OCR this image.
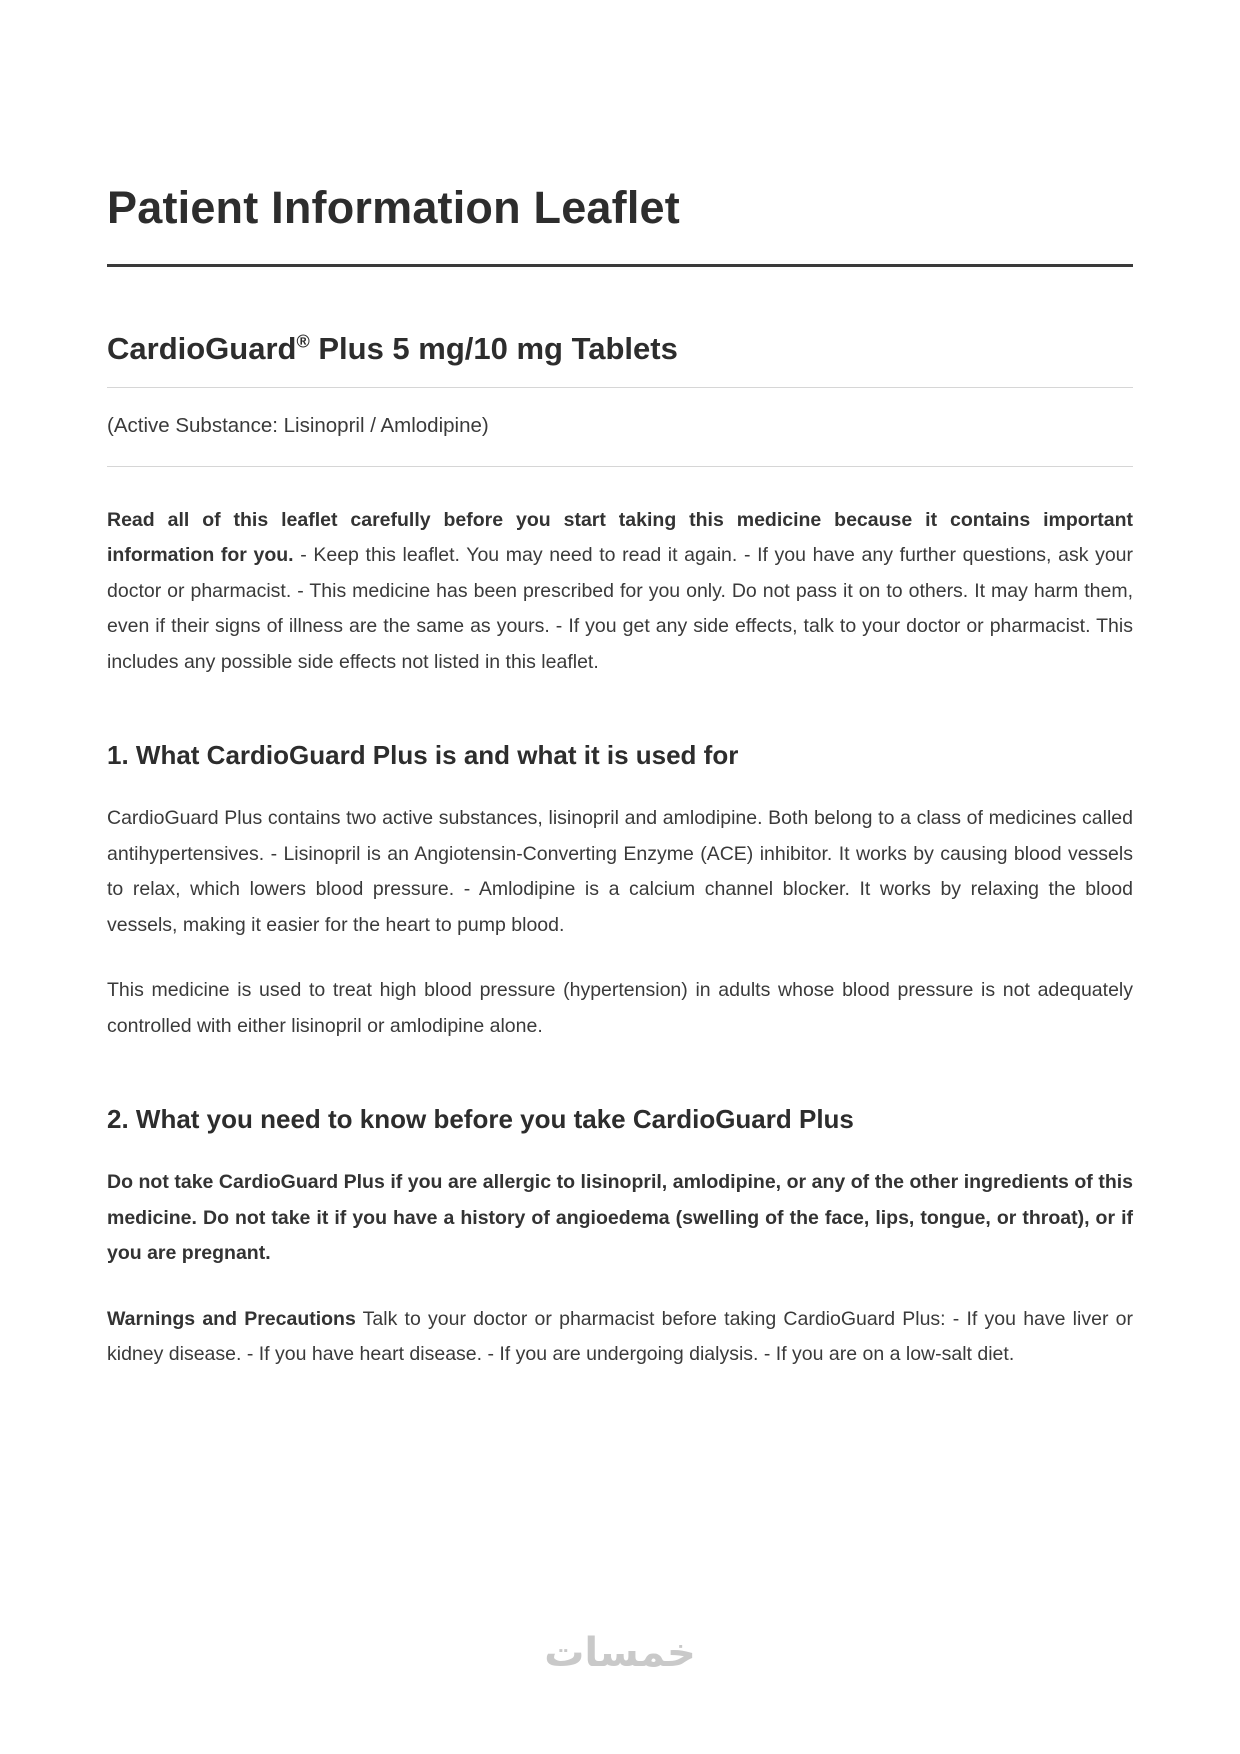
Patient Information Leaflet
CardioGuard® Plus 5 mg/10 mg Tablets
(Active Substance: Lisinopril / Amlodipine)

Read all of this leaflet carefully before you start taking this medicine because it contains important information for you. - Keep this leaflet. You may need to read it again. - If you have any further questions, ask your doctor or pharmacist. - This medicine has been prescribed for you only. Do not pass it on to others. It may harm them, even if their signs of illness are the same as yours. - If you get any side effects, talk to your doctor or pharmacist. This includes any possible side effects not listed in this leaflet.

1. What CardioGuard Plus is and what it is used for

CardioGuard Plus contains two active substances, lisinopril and amlodipine. Both belong to a class of medicines called antihypertensives. - Lisinopril is an Angiotensin-Converting Enzyme (ACE) inhibitor. It works by causing blood vessels to relax, which lowers blood pressure. - Amlodipine is a calcium channel blocker. It works by relaxing the blood vessels, making it easier for the heart to pump blood.

This medicine is used to treat high blood pressure (hypertension) in adults whose blood pressure is not adequately controlled with either lisinopril or amlodipine alone.

2. What you need to know before you take CardioGuard Plus

Do not take CardioGuard Plus if you are allergic to lisinopril, amlodipine, or any of the other ingredients of this medicine. Do not take it if you have a history of angioedema (swelling of the face, lips, tongue, or throat), or if you are pregnant.

Warnings and Precautions Talk to your doctor or pharmacist before taking CardioGuard Plus: - If you have liver or kidney disease. - If you have heart disease. - If you are undergoing dialysis. - If you are on a low-salt diet.

خمسات
